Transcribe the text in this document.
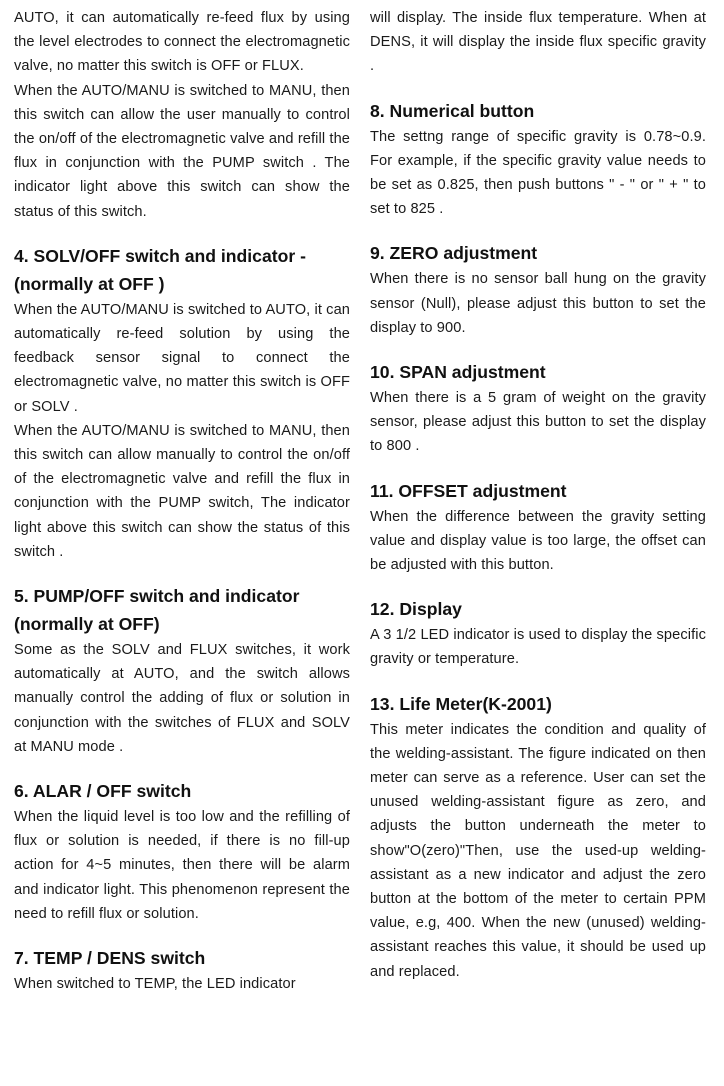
AUTO, it can automatically re-feed flux by using the level electrodes to connect the electromagnetic valve, no matter this switch is OFF or FLUX.

When the AUTO/MANU is switched to MANU, then this switch can allow the user manually to control the on/off of the electromagnetic valve and refill the flux in conjunction with the PUMP switch . The indicator light above this switch can show the status of this switch.

4. SOLV/OFF switch and indicator - (normally at OFF )

When the AUTO/MANU is switched to AUTO, it can automatically re-feed solution by using the feedback sensor signal to connect the electromagnetic valve, no matter this switch is OFF or SOLV .

When the AUTO/MANU is switched to MANU, then this switch can allow manually to control the on/off of the electromagnetic valve and refill the flux in conjunction with the PUMP switch, The indicator light above this switch can show the status of this switch .

5. PUMP/OFF switch and indicator (normally at OFF)

Some as the SOLV and FLUX switches, it work automatically at AUTO, and the switch allows manually control the adding of flux or solution in conjunction with the switches of FLUX and SOLV at MANU mode .

6. ALAR / OFF switch

When the liquid level is too low and the refilling of flux or solution is needed, if there is no fill-up action for 4~5 minutes, then there will be alarm and indicator light. This phenomenon represent the need to refill flux or solution.

7. TEMP / DENS switch

When switched to TEMP, the LED indicator

will display. The inside flux temperature. When at DENS, it will display the inside flux specific gravity .

8. Numerical button

The settng range of specific gravity is 0.78~0.9. For example, if the specific gravity value needs to be set as 0.825, then push buttons " - " or " + " to set to 825 .

9. ZERO adjustment

When there is no sensor ball hung on the gravity sensor (Null), please adjust this button to set the display to 900.

10. SPAN adjustment

When there is a 5 gram of weight on the gravity sensor, please adjust this button to set the display to 800 .

11. OFFSET adjustment

When the difference between the gravity setting value and display value is too large, the offset can be adjusted with this button.

12. Display

A 3 1/2 LED indicator is used to display the specific gravity or temperature.

13. Life Meter(K-2001)

This meter indicates the condition and quality of the welding-assistant. The figure indicated on then meter can serve as a reference. User can set the unused welding-assistant figure as zero, and adjusts the button underneath the meter to show"O(zero)"Then, use the used-up welding-assistant as a new indicator and adjust the zero button at the bottom of the meter to certain PPM value, e.g, 400. When the new (unused) welding-assistant reaches this value, it should be used up and replaced.
